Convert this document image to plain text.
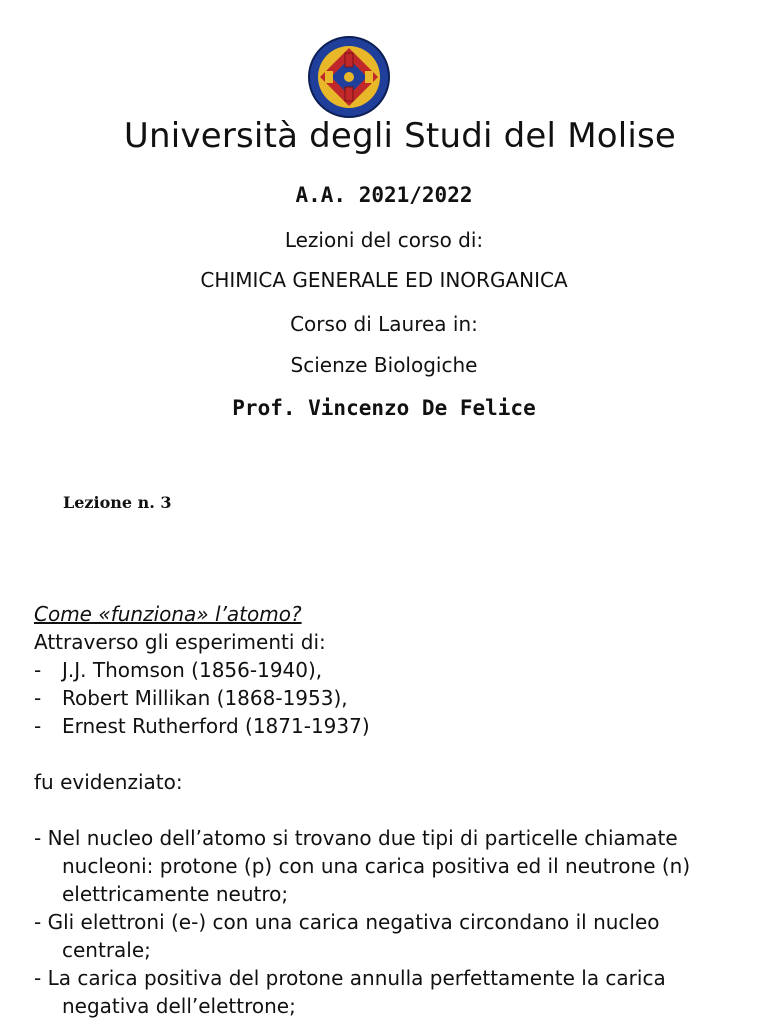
Università degli Studi del Molise
A.A. 2021/2022
Lezioni del corso di:
CHIMICA GENERALE ED INORGANICA
Corso di Laurea in:
Scienze Biologiche
Prof. Vincenzo De Felice
Lezione n. 3
Come «funziona» l’atomo?
Attraverso gli esperimenti di:
-	J.J. Thomson (1856-1940),
-	Robert Millikan (1868-1953),
-	Ernest Rutherford (1871-1937)
fu evidenziato:
- Nel nucleo dell’atomo si trovano due tipi di particelle chiamate nucleoni: protone (p) con una carica positiva ed il neutrone (n) elettricamente neutro;
- Gli elettroni (e-) con una carica negativa circondano il nucleo centrale;
- La carica positiva del protone annulla perfettamente la carica negativa dell’elettrone;
